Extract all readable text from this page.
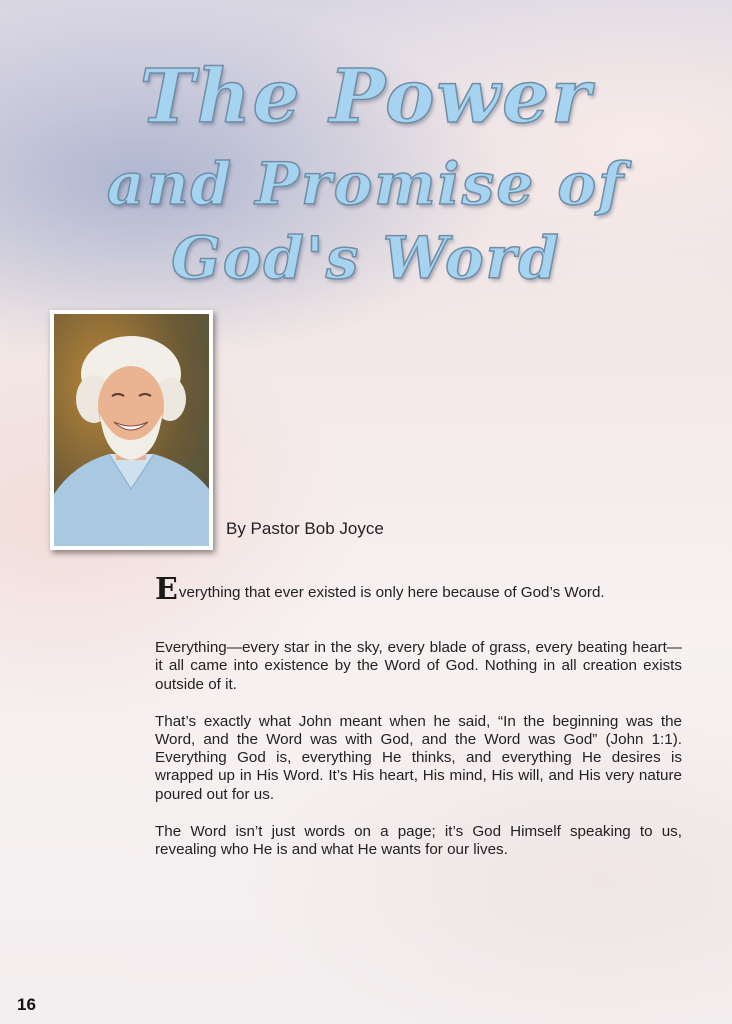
The Power
and Promise of
God's Word

By Pastor Bob Joyce

Everything that ever existed is only here because of God’s Word.

Everything—every star in the sky, every blade of grass, every beating heart—it all came into existence by the Word of God. Nothing in all creation exists outside of it.

That’s exactly what John meant when he said, “In the beginning was the Word, and the Word was with God, and the Word was God” (John 1:1). Everything God is, everything He thinks, and everything He desires is wrapped up in His Word. It’s His heart, His mind, His will, and His very nature poured out for us.

The Word isn’t just words on a page; it’s God Himself speaking to us, revealing who He is and what He wants for our lives.

16
